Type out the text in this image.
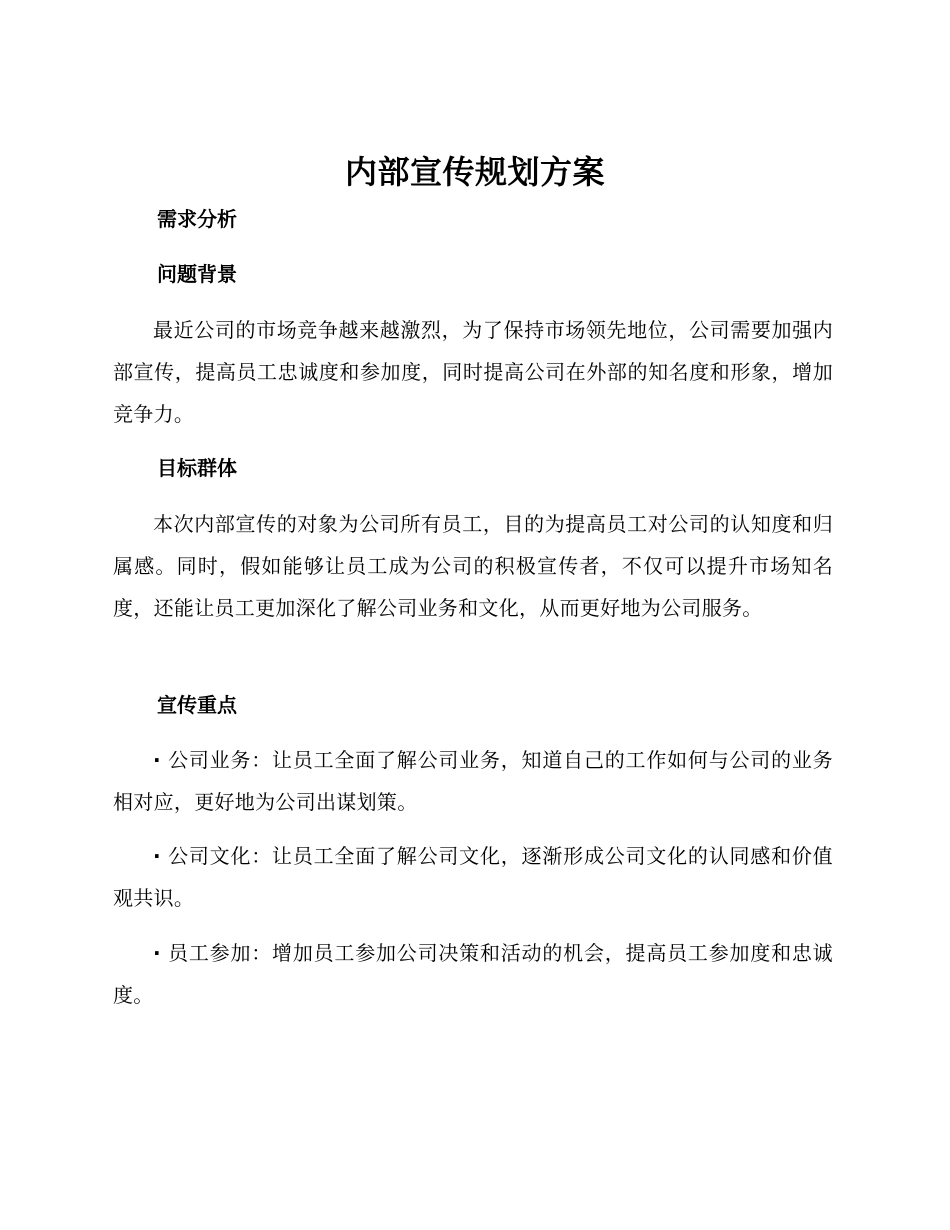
内部宣传规划方案
需求分析
问题背景
最近公司的市场竞争越来越激烈，为了保持市场领先地位，公司需要加强内部宣传，提高员工忠诚度和参加度，同时提高公司在外部的知名度和形象，增加竞争力。
目标群体
本次内部宣传的对象为公司所有员工，目的为提高员工对公司的认知度和归属感。同时，假如能够让员工成为公司的积极宣传者，不仅可以提升市场知名度，还能让员工更加深化了解公司业务和文化，从而更好地为公司服务。
宣传重点
· 公司业务：让员工全面了解公司业务，知道自己的工作如何与公司的业务相对应，更好地为公司出谋划策。
· 公司文化：让员工全面了解公司文化，逐渐形成公司文化的认同感和价值观共识。
· 员工参加：增加员工参加公司决策和活动的机会，提高员工参加度和忠诚度。
